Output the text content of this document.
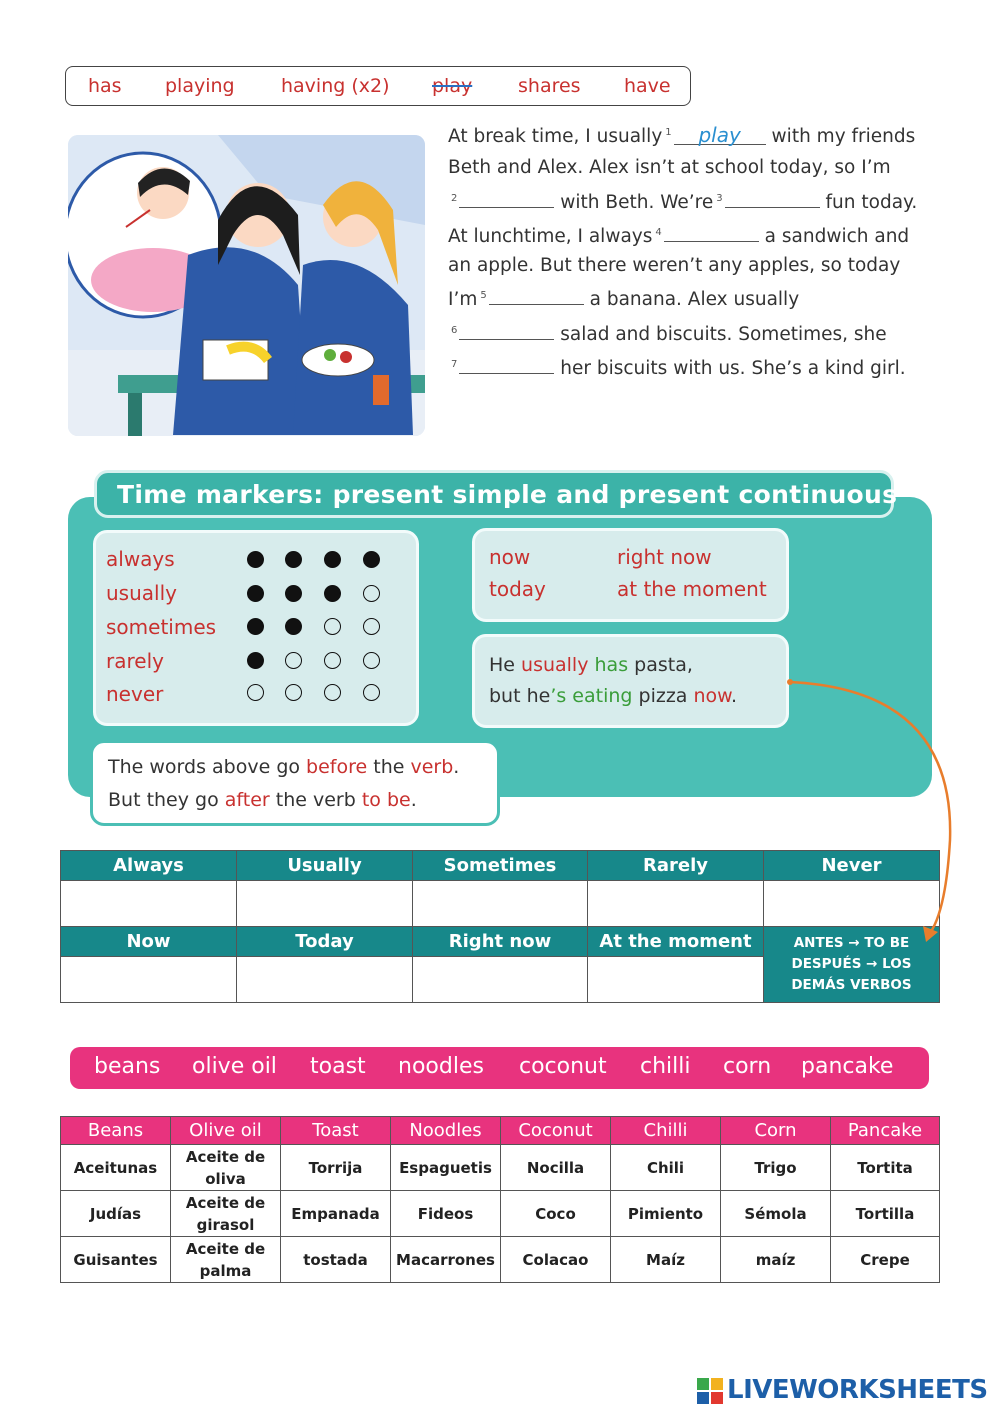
has playing having (x2) play shares have
At break time, I usually $^1$ play with my friends
Beth and Alex. Alex isn’t at school today, so I’m
$^2$	with Beth. We’re $^3$	fun today.
At lunchtime, I always $^4$	a sandwich and
an apple. But there weren’t any apples, so today
I’m $^5$	a banana. Alex usually
$^6$	salad and biscuits. Sometimes, she
$^7$	her biscuits with us. She’s a kind girl.
Time markers: present simple and present continuous
always
usually
sometimes
rarely
never
now	right now
today	at the moment
He usually has pasta,
but he’s eating pizza now.
The words above go before the verb.
But they go after the verb to be.
Always	Usually	Sometimes	Rarely	Never

Now	Today	Right now	At the moment	ANTES → TO BE
DESPUÉS → LOS
DEMÁS VERBOS

beans olive oil toast noodles coconut chilli corn pancake
Beans	Olive oil	Toast	Noodles	Coconut	Chilli	Corn	Pancake
Aceitunas	Aceite de oliva	Torrija	Espaguetis	Nocilla	Chili	Trigo	Tortita
Judías	Aceite de girasol	Empanada	Fideos	Coco	Pimiento	Sémola	Tortilla
Guisantes	Aceite de palma	tostada	Macarrones	Colacao	Maíz	maíz	Crepe
LIVEWORKSHEETS
